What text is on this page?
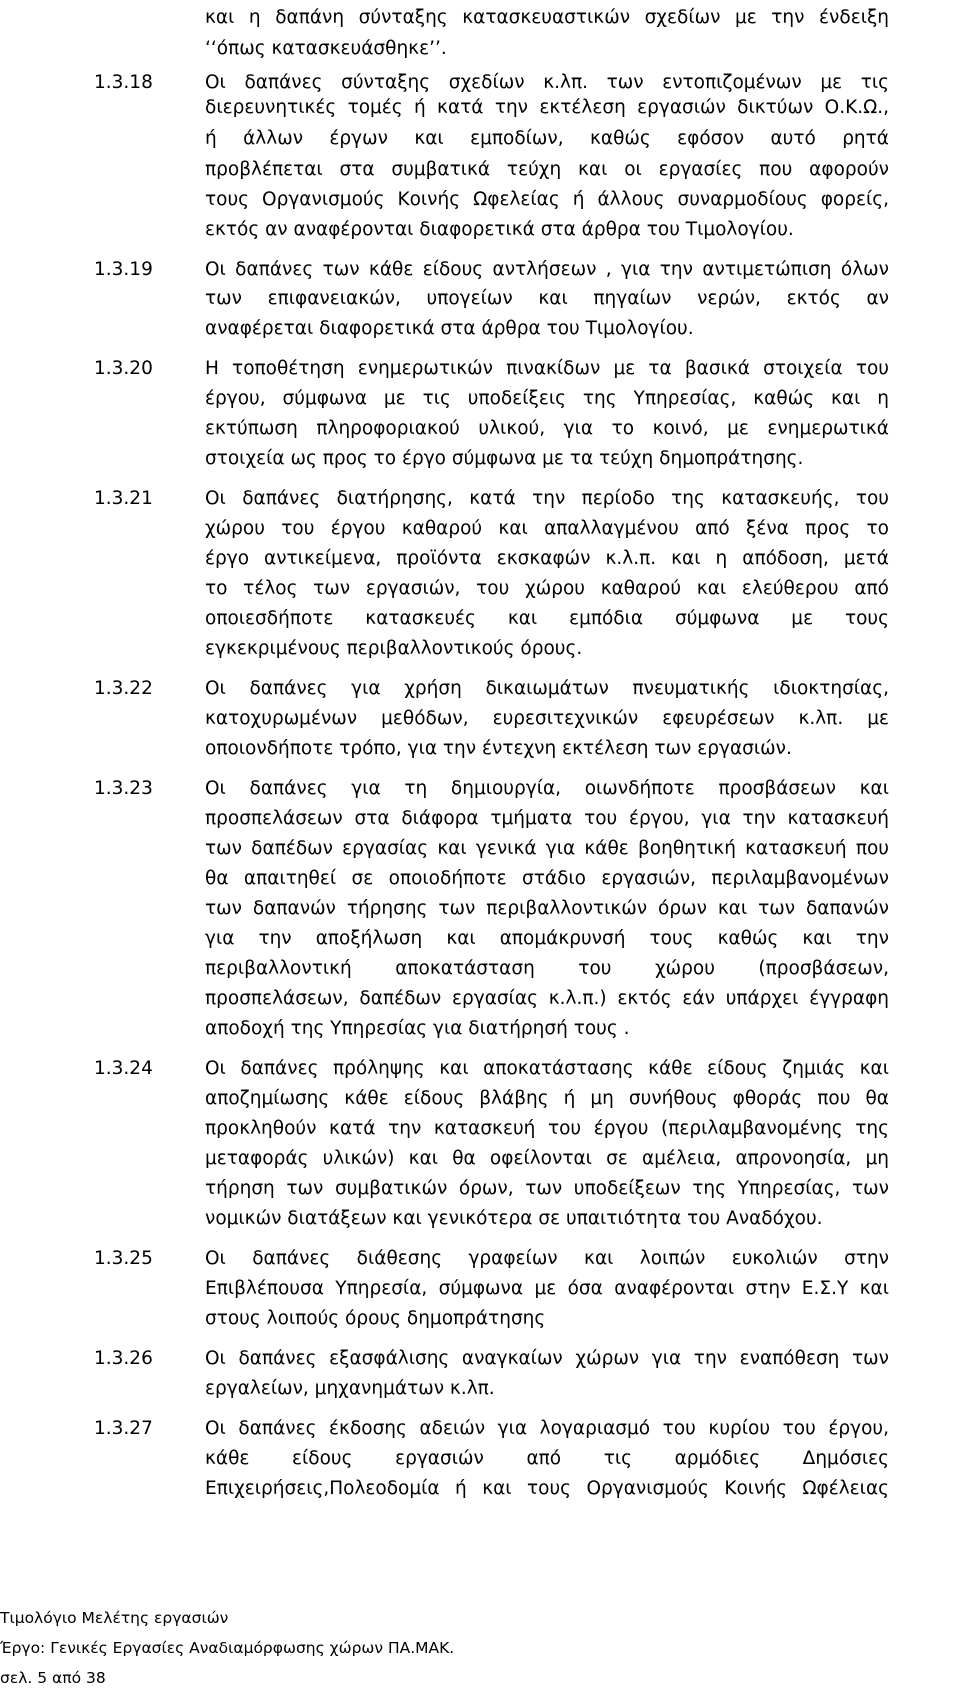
και η δαπάνη σύνταξης κατασκευαστικών σχεδίων με την ένδειξη
‘‘όπως κατασκευάσθηκε’’.
1.3.18	Οι δαπάνες σύνταξης σχεδίων κ.λπ. των εντοπιζομένων με τις
διερευνητικές τομές ή κατά την εκτέλεση εργασιών δικτύων Ο.Κ.Ω.,
ή άλλων έργων και εμποδίων, καθώς εφόσον αυτό ρητά
προβλέπεται στα συμβατικά τεύχη και οι εργασίες που αφορούν
τους Οργανισμούς Κοινής Ωφελείας ή άλλους συναρμοδίους φορείς,
εκτός αν αναφέρονται διαφορετικά στα άρθρα του Τιμολογίου.
1.3.19	Οι δαπάνες των κάθε είδους αντλήσεων , για την αντιμετώπιση όλων
των επιφανειακών, υπογείων και πηγαίων νερών, εκτός αν
αναφέρεται διαφορετικά στα άρθρα του Τιμολογίου.
1.3.20	Η τοποθέτηση ενημερωτικών πινακίδων με τα βασικά στοιχεία του
έργου, σύμφωνα με τις υποδείξεις της Υπηρεσίας, καθώς και η
εκτύπωση πληροφοριακού υλικού, για το κοινό, με ενημερωτικά
στοιχεία ως προς το έργο σύμφωνα με τα τεύχη δημοπράτησης.
1.3.21	Οι δαπάνες διατήρησης, κατά την περίοδο της κατασκευής, του
χώρου του έργου καθαρού και απαλλαγμένου από ξένα προς το
έργο αντικείμενα, προϊόντα εκσκαφών κ.λ.π. και η απόδοση, μετά
το τέλος των εργασιών, του χώρου καθαρού και ελεύθερου από
οποιεσδήποτε κατασκευές και εμπόδια σύμφωνα με τους
εγκεκριμένους περιβαλλοντικούς όρους.
1.3.22	Οι δαπάνες για χρήση δικαιωμάτων πνευματικής ιδιοκτησίας,
κατοχυρωμένων μεθόδων, ευρεσιτεχνικών εφευρέσεων κ.λπ. με
οποιονδήποτε τρόπο, για την έντεχνη εκτέλεση των εργασιών.
1.3.23	Οι δαπάνες για τη δημιουργία, οιωνδήποτε προσβάσεων και
προσπελάσεων στα διάφορα τμήματα του έργου, για την κατασκευή
των δαπέδων εργασίας και γενικά για κάθε βοηθητική κατασκευή που
θα απαιτηθεί σε οποιοδήποτε στάδιο εργασιών, περιλαμβανομένων
των δαπανών τήρησης των περιβαλλοντικών όρων και των δαπανών
για την αποξήλωση και απομάκρυνσή τους καθώς και την
περιβαλλοντική αποκατάσταση του χώρου (προσβάσεων,
προσπελάσεων, δαπέδων εργασίας κ.λ.π.) εκτός εάν υπάρχει έγγραφη
αποδοχή της Υπηρεσίας για διατήρησή τους .
1.3.24	Οι δαπάνες πρόληψης και αποκατάστασης κάθε είδους ζημιάς και
αποζημίωσης κάθε είδους βλάβης ή μη συνήθους φθοράς που θα
προκληθούν κατά την κατασκευή του έργου (περιλαμβανομένης της
μεταφοράς υλικών) και θα οφείλονται σε αμέλεια, απρονοησία, μη
τήρηση των συμβατικών όρων, των υποδείξεων της Υπηρεσίας, των
νομικών διατάξεων και γενικότερα σε υπαιτιότητα του Αναδόχου.
1.3.25	Οι δαπάνες διάθεσης γραφείων και λοιπών ευκολιών στην
Επιβλέπουσα Υπηρεσία, σύμφωνα με όσα αναφέρονται στην Ε.Σ.Υ και
στους λοιπούς όρους δημοπράτησης
1.3.26	Οι δαπάνες εξασφάλισης αναγκαίων χώρων για την εναπόθεση των
εργαλείων, μηχανημάτων κ.λπ.
1.3.27	Οι δαπάνες έκδοσης αδειών για λογαριασμό του κυρίου του έργου,
κάθε είδους εργασιών από τις αρμόδιες Δημόσιες
Επιχειρήσεις,Πολεοδομία ή και τους Οργανισμούς Κοινής Ωφέλειας
Τιμολόγιο Μελέτης εργασιών
Έργο: Γενικές Εργασίες Αναδιαμόρφωσης χώρων ΠΑ.ΜΑΚ.
σελ. 5 από 38
